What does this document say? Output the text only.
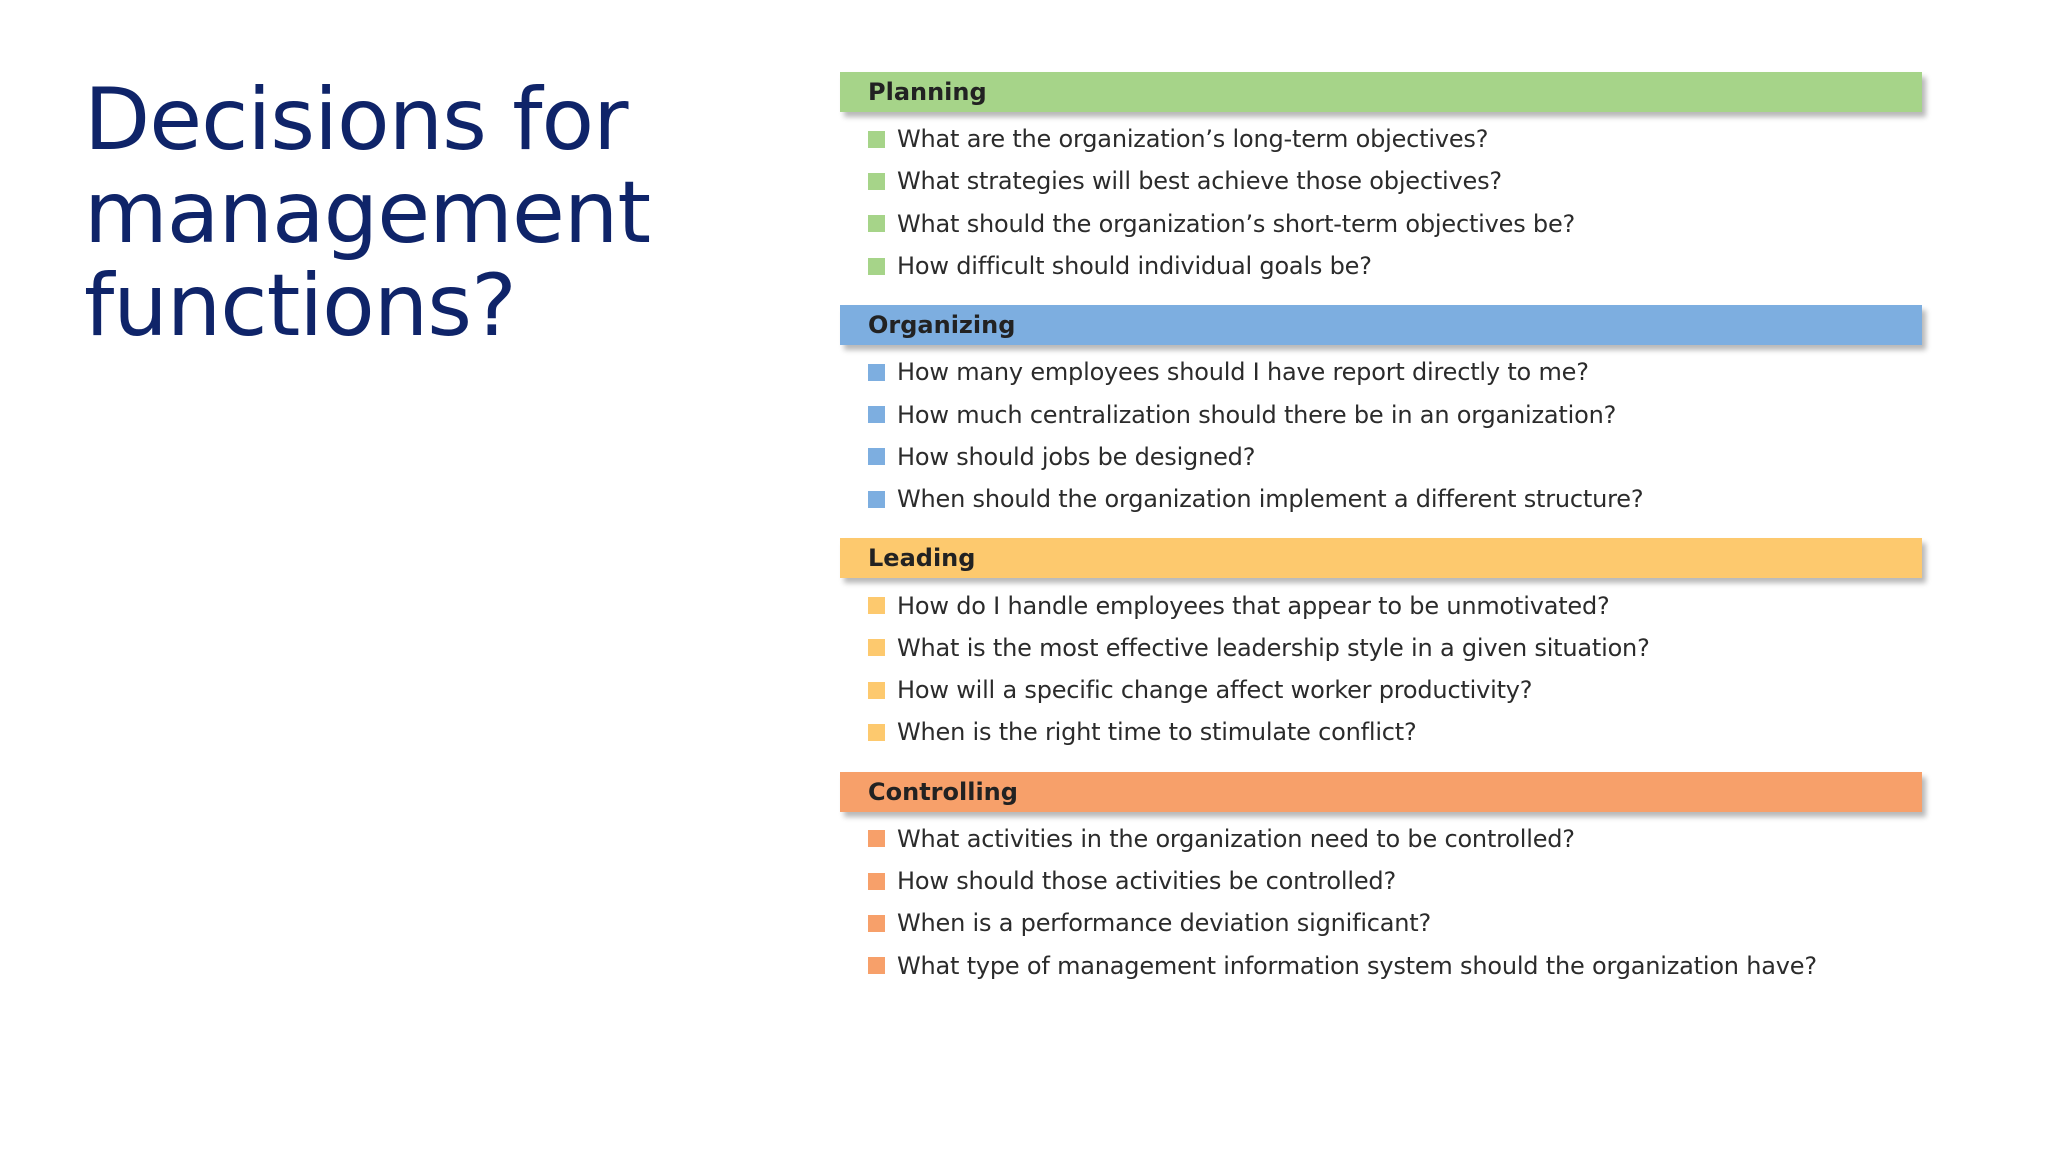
Decisions for
management
functions?
Planning
What are the organization’s long-term objectives?
What strategies will best achieve those objectives?
What should the organization’s short-term objectives be?
How difficult should individual goals be?
Organizing
How many employees should I have report directly to me?
How much centralization should there be in an organization?
How should jobs be designed?
When should the organization implement a different structure?
Leading
How do I handle employees that appear to be unmotivated?
What is the most effective leadership style in a given situation?
How will a specific change affect worker productivity?
When is the right time to stimulate conflict?
Controlling
What activities in the organization need to be controlled?
How should those activities be controlled?
When is a performance deviation significant?
What type of management information system should the organization have?
